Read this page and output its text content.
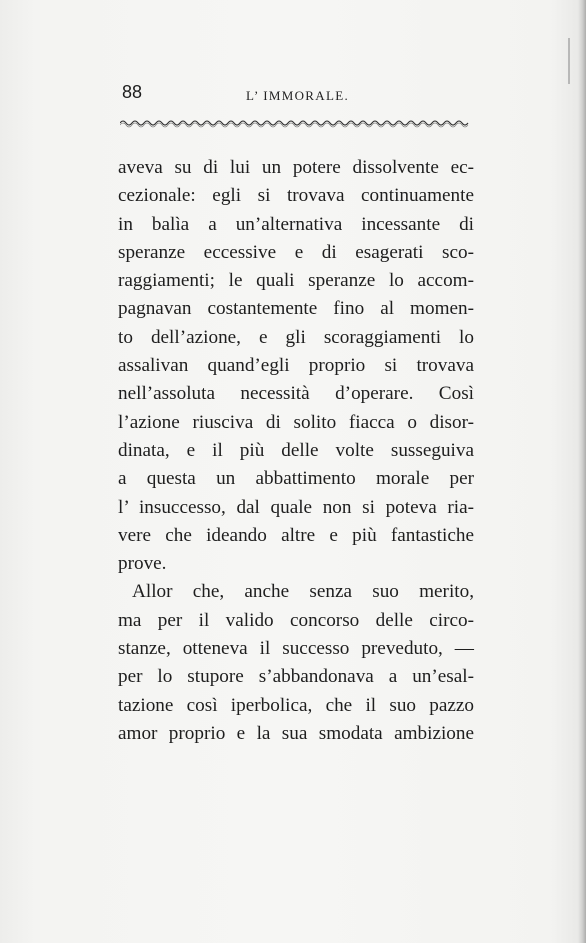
88	L’ IMMORALE.
aveva su di lui un potere dissolvente ec-
cezionale: egli si trovava continuamente
in balìa a un’alternativa incessante di
speranze eccessive e di esagerati sco-
raggiamenti; le quali speranze lo accom-
pagnavan costantemente fino al momen-
to dell’azione, e gli scoraggiamenti lo
assalivan quand’egli proprio si trovava
nell’assoluta necessità d’operare. Così
l’azione riusciva di solito fiacca o disor-
dinata, e il più delle volte susseguiva
a questa un abbattimento morale per
l’ insuccesso, dal quale non si poteva ria-
vere che ideando altre e più fantastiche
prove.
Allor che, anche senza suo merito,
ma per il valido concorso delle circo-
stanze, otteneva il successo preveduto, —
per lo stupore s’abbandonava a un’esal-
tazione così iperbolica, che il suo pazzo
amor proprio e la sua smodata ambizione
